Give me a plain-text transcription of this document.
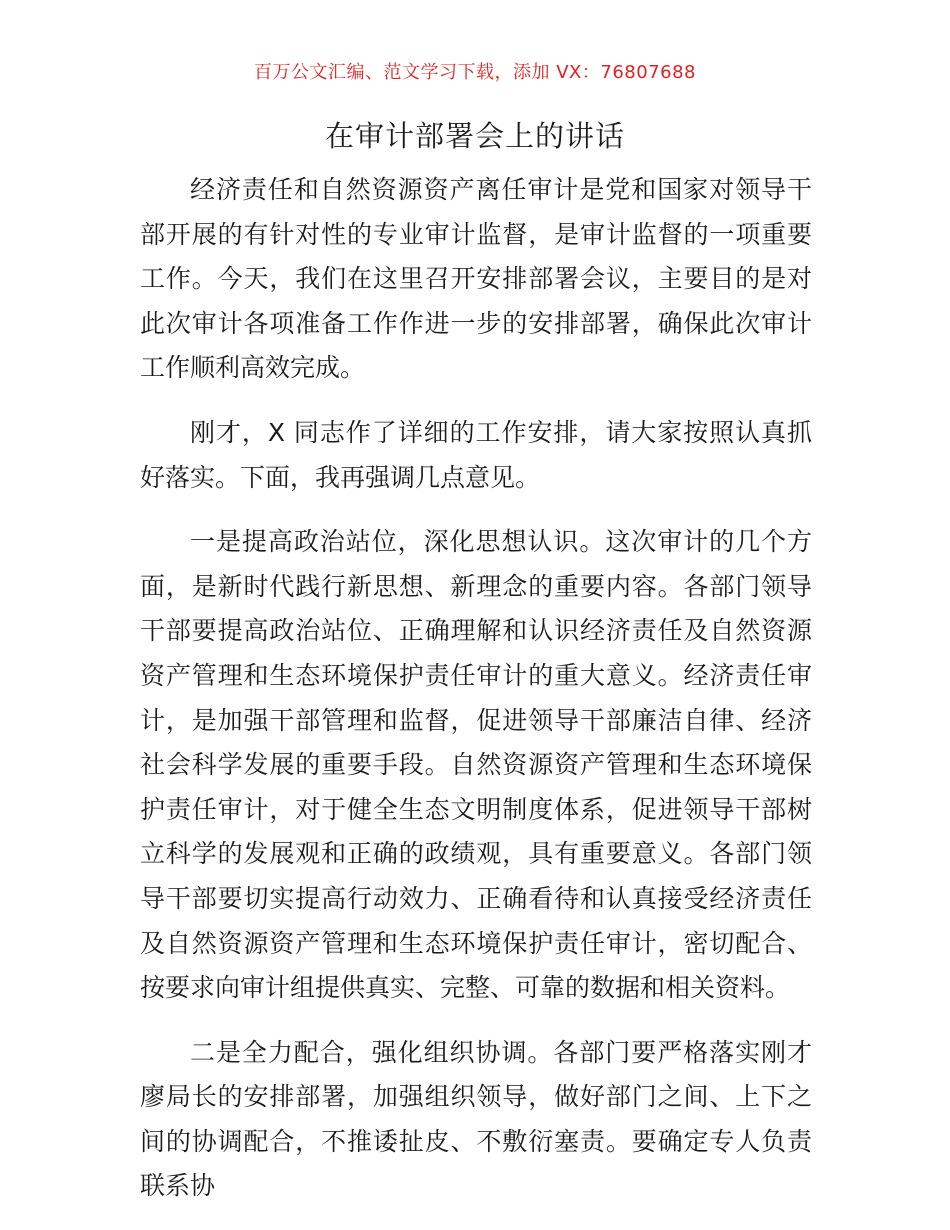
百万公文汇编、范文学习下载，添加 VX：76807688
在审计部署会上的讲话

经济责任和自然资源资产离任审计是党和国家对领导干部开展的有针对性的专业审计监督，是审计监督的一项重要工作。今天，我们在这里召开安排部署会议，主要目的是对此次审计各项准备工作作进一步的安排部署，确保此次审计工作顺利高效完成。

刚才，X 同志作了详细的工作安排，请大家按照认真抓好落实。下面，我再强调几点意见。

一是提高政治站位，深化思想认识。这次审计的几个方面，是新时代践行新思想、新理念的重要内容。各部门领导干部要提高政治站位、正确理解和认识经济责任及自然资源资产管理和生态环境保护责任审计的重大意义。经济责任审计，是加强干部管理和监督，促进领导干部廉洁自律、经济社会科学发展的重要手段。自然资源资产管理和生态环境保护责任审计，对于健全生态文明制度体系，促进领导干部树立科学的发展观和正确的政绩观，具有重要意义。各部门领导干部要切实提高行动效力、正确看待和认真接受经济责任及自然资源资产管理和生态环境保护责任审计，密切配合、按要求向审计组提供真实、完整、可靠的数据和相关资料。

二是全力配合，强化组织协调。各部门要严格落实刚才廖局长的安排部署，加强组织领导，做好部门之间、上下之间的协调配合，不推诿扯皮、不敷衍塞责。要确定专人负责联系协
